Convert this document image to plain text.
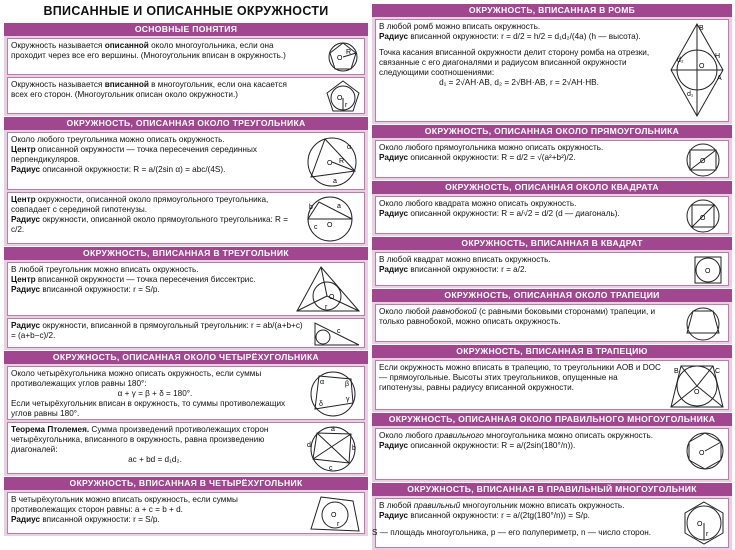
ВПИСАННЫЕ И ОПИСАННЫЕ ОКРУЖНОСТИ
ОСНОВНЫЕ ПОНЯТИЯ
Окружность называется описанной около многоугольника, если она проходит через все его вершины. (Многоугольник вписан в окружность.)	O
R
Окружность называется вписанной в многоугольник, если она касается всех его сторон. (Многоугольник описан около окружности.)	O
r
ОКРУЖНОСТЬ, ОПИСАННАЯ ОКОЛО ТРЕУГОЛЬНИКА
Около любого треугольника можно описать окружность.
Центр описанной окружности — точка пересечения серединных перпендикуляров.
Радиус описанной окружности: R = a/(2sin α) = abc/(4S).
O R
a
α
Центр окружности, описанной около прямоугольного треугольника, совпадает с серединой гипотенузы.
Радиус окружности, описанной около прямоугольного треугольника: R = c/2.	O
c
b	a
ОКРУЖНОСТЬ, ВПИСАННАЯ В ТРЕУГОЛЬНИК
В любой треугольник можно вписать окружность.
Центр вписанной окружности — точка пересечения биссектрис.
Радиус вписанной окружности: r = S/p.
O
r
Радиус окружности, вписанной в прямоугольный треугольник: r = ab/(a+b+c) = (a+b−c)/2.	c
ОКРУЖНОСТЬ, ОПИСАННАЯ ОКОЛО ЧЕТЫРЁХУГОЛЬНИКА
Около четырёхугольника можно описать окружность, если суммы противолежащих углов равны 180°:
α + γ = β + δ = 180°.
Если четырёхугольник вписан в окружность, то суммы противолежащих углов равны 180°.
α	β
γ
δ
Теорема Птолемея. Сумма произведений противолежащих сторон четырёхугольника, вписанного в окружность, равна произведению диагоналей:
ac + bd = d₁d₂.
a
c
b
d
ОКРУЖНОСТЬ, ВПИСАННАЯ В ЧЕТЫРЁХУГОЛЬНИК
В четырёхугольник можно вписать окружность, если суммы противолежащих сторон равны: a + c = b + d.
Радиус вписанной окружности: r = S/p.	O
r
ОКРУЖНОСТЬ, ВПИСАННАЯ В РОМБ
В любой ромб можно вписать окружность.
Радиус вписанной окружности: r = d/2 = h/2 = d₁d₂/(4a) (h — высота).
Точка касания вписанной окружности делит сторону ромба на отрезки, связанные с его диагоналями и радиусом вписанной окружности следующими соотношениями:
d₁ = 2√AH·AB, d₂ = 2√BH·AB, r = 2√AH·HB.
B
H
O
A
d₂
d₁
ОКРУЖНОСТЬ, ОПИСАННАЯ ОКОЛО ПРЯМОУГОЛЬНИКА
Около любого прямоугольника можно описать окружность.
Радиус описанной окружности: R = d/2 = √(a²+b²)/2.	O
ОКРУЖНОСТЬ, ОПИСАННАЯ ОКОЛО КВАДРАТА
Около любого квадрата можно описать окружность.
Радиус описанной окружности: R = a/√2 = d/2 (d — диагональ).
O
ОКРУЖНОСТЬ, ВПИСАННАЯ В КВАДРАТ
В любой квадрат можно вписать окружность.
Радиус вписанной окружности: r = a/2.	O
ОКРУЖНОСТЬ, ОПИСАННАЯ ОКОЛО ТРАПЕЦИИ
Около любой равнобокой (с равными боковыми сторонами) трапеции, и только равнобокой, можно описать окружность.
ОКРУЖНОСТЬ, ВПИСАННАЯ В ТРАПЕЦИЮ
Если окружность можно вписать в трапецию, то треугольники AOB и DOC — прямоугольные. Высоты этих треугольников, опущенные на гипотенузы, равны радиусу вписанной окружности.
B	C
O
ОКРУЖНОСТЬ, ОПИСАННАЯ ОКОЛО ПРАВИЛЬНОГО МНОГОУГОЛЬНИКА
Около любого правильного многоугольника можно описать окружность.
Радиус описанной окружности: R = a/(2sin(180°/n)).
O
ОКРУЖНОСТЬ, ВПИСАННАЯ В ПРАВИЛЬНЫЙ МНОГОУГОЛЬНИК
В любой правильный многоугольник можно вписать окружность.
Радиус вписанной окружности: r = a/(2tg(180°/n)) = S/p.
O
r
S — площадь многоугольника, p — его полупериметр, n — число сторон.
